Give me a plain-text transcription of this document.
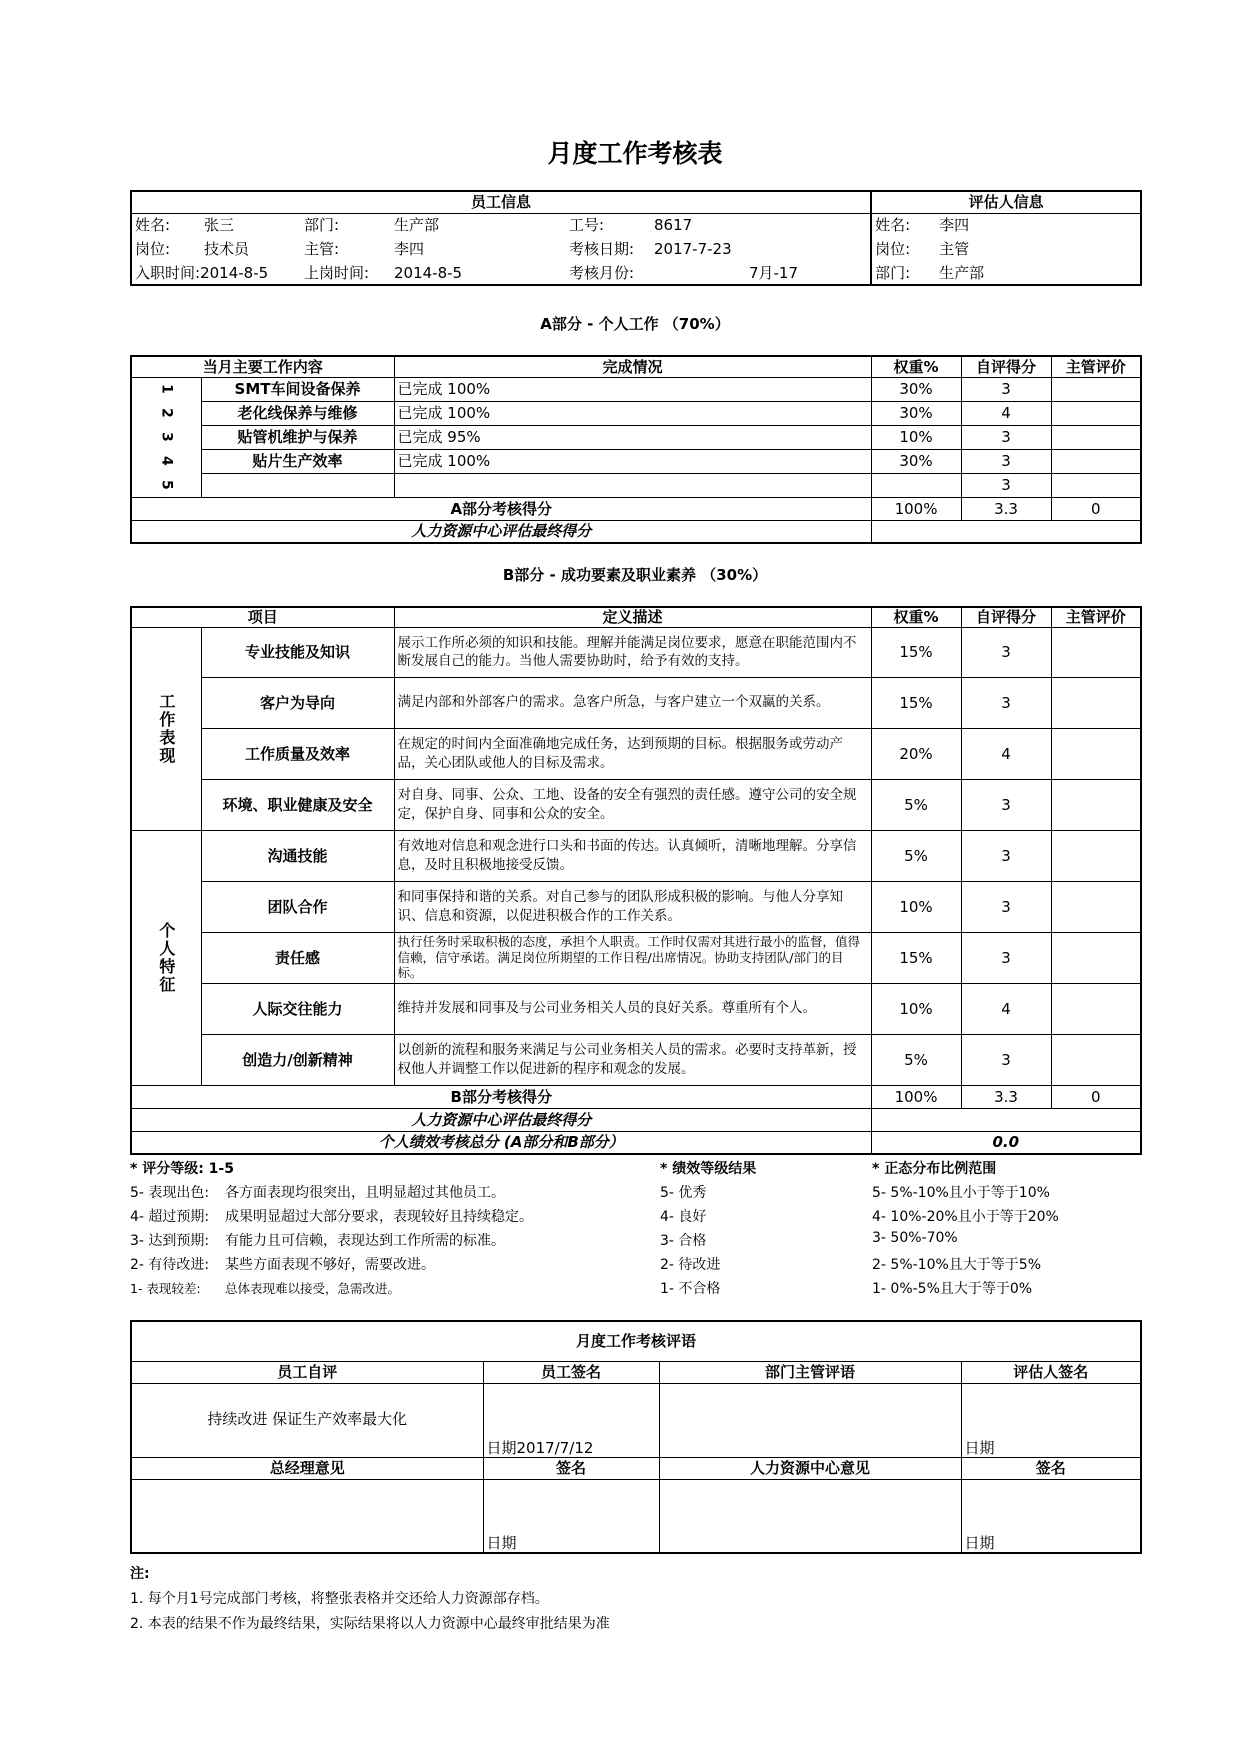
月度工作考核表
员工信息							评估人信息	
姓名:	张三	部门:	生产部	工号:	8617		姓名:	李四
岗位:	技术员	主管:	李四	考核日期:	2017-7-23		岗位:	主管
入职时间:2014-8-5		上岗时间:	2014-8-5	考核月份:	7月-17		部门:	生产部
A部分 - 个人工作 （70%）
当月主要工作内容		完成情况	权重%	自评得分	主管评价
1	SMT车间设备保养	已完成 100%	30%	3	
2	老化线保养与维修	已完成 100%	30%	4	
3	贴管机维护与保养	已完成 95%	10%	3	
4	贴片生产效率	已完成 100%	30%	3	
5				3	
A部分考核得分			100%	3.3	0
人力资源中心评估最终得分					
B部分 - 成功要素及职业素养 （30%）
项目		定义描述	权重%	自评得分	主管评价
工作表现	专业技能及知识	展示工作所必须的知识和技能。理解并能满足岗位要求，愿意在职能范围内不断发展自己的能力。当他人需要协助时，给予有效的支持。	15%	3	
	客户为导向	满足内部和外部客户的需求。急客户所急，与客户建立一个双赢的关系。	15%	3	
	工作质量及效率	在规定的时间内全面准确地完成任务，达到预期的目标。根据服务或劳动产品，关心团队或他人的目标及需求。	20%	4	
	环境、职业健康及安全	对自身、同事、公众、工地、设备的安全有强烈的责任感。遵守公司的安全规定，保护自身、同事和公众的安全。	5%	3	
个人特征	沟通技能	有效地对信息和观念进行口头和书面的传达。认真倾听，清晰地理解。分享信息，及时且积极地接受反馈。	5%	3	
	团队合作	和同事保持和谐的关系。对自己参与的团队形成积极的影响。与他人分享知识、信息和资源，以促进积极合作的工作关系。	10%	3	
	责任感	执行任务时采取积极的态度，承担个人职责。工作时仅需对其进行最小的监督，值得信赖，信守承诺。满足岗位所期望的工作日程/出席情况。协助支持团队/部门的目标。	15%	3	
	人际交往能力	维持并发展和同事及与公司业务相关人员的良好关系。尊重所有个人。	10%	4	
	创造力/创新精神	以创新的流程和服务来满足与公司业务相关人员的需求。必要时支持革新，授权他人并调整工作以促进新的程序和观念的发展。	5%	3	
B部分考核得分			100%	3.3	0
人力资源中心评估最终得分					
个人绩效考核总分 (A部分和B部分）			0.0		
* 评分等级: 1-5
5- 表现出色: 各方面表现均很突出，且明显超过其他员工。
4- 超过预期: 成果明显超过大部分要求，表现较好且持续稳定。
3- 达到预期: 有能力且可信赖，表现达到工作所需的标准。
2- 有待改进: 某些方面表现不够好，需要改进。
1- 表现较差: 总体表现难以接受，急需改进。
* 绩效等级结果
5- 优秀
4- 良好
3- 合格
2- 待改进
1- 不合格
* 正态分布比例范围
5- 5%-10%且小于等于10%
4- 10%-20%且小于等于20%
3- 50%-70%
2- 5%-10%且大于等于5%
1- 0%-5%且大于等于0%
月度工作考核评语			
员工自评	员工签名	部门主管评语	评估人签名
持续改进 保证生产效率最大化	日期2017/7/12		日期
总经理意见	签名	人力资源中心意见	签名
	日期		日期
注:
1. 每个月1号完成部门考核，将整张表格并交还给人力资源部存档。
2. 本表的结果不作为最终结果，实际结果将以人力资源中心最终审批结果为准
